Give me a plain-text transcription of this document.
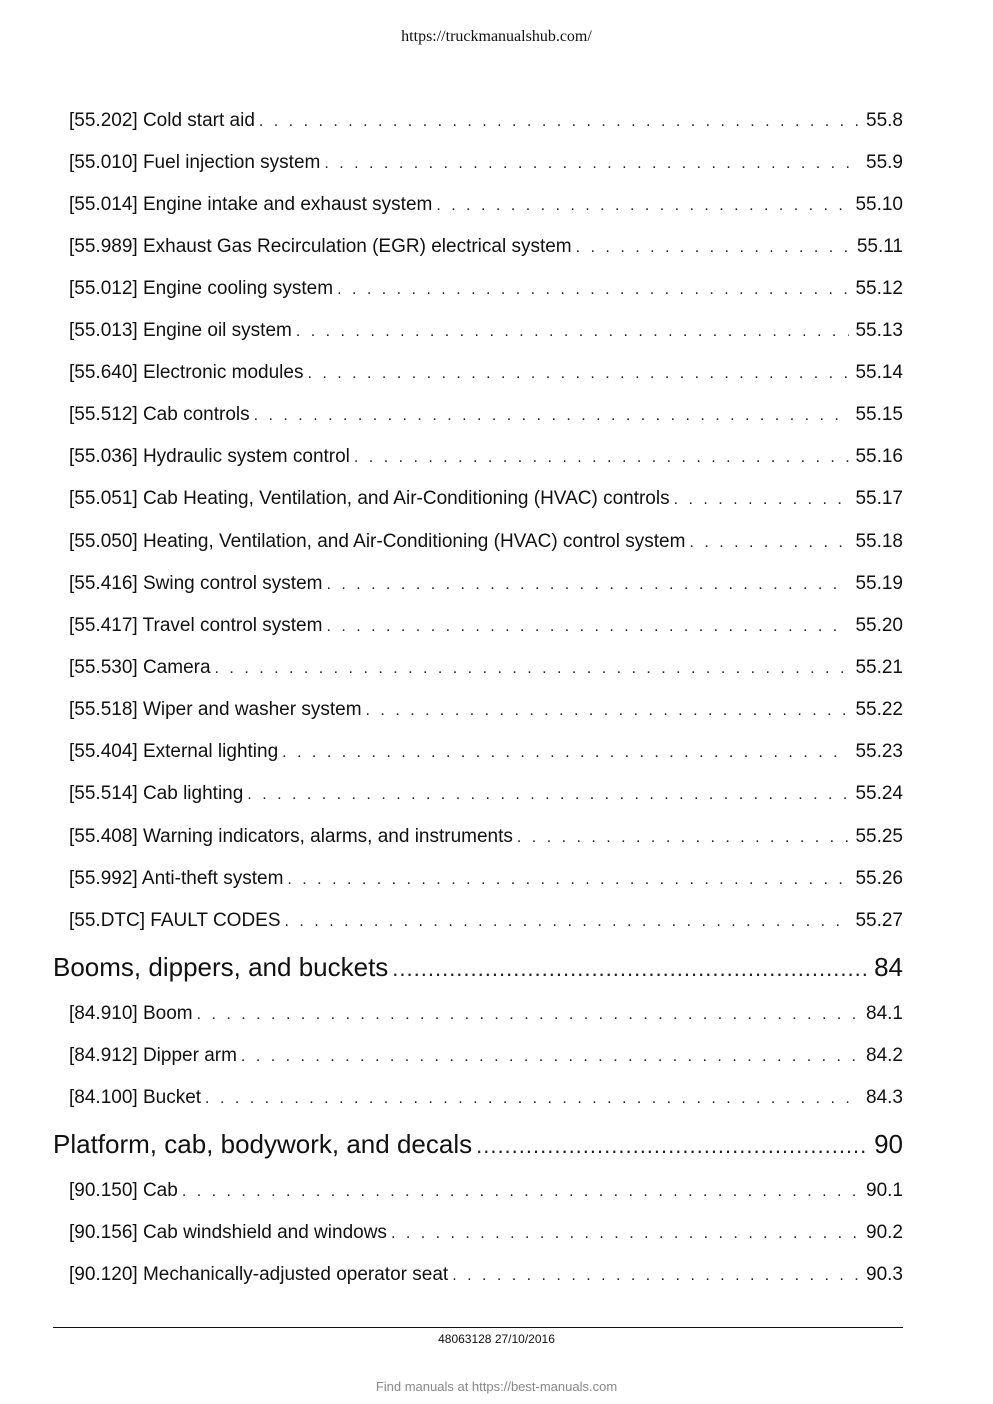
https://truckmanualshub.com/
[55.202] Cold start aid . . .	55.8
[55.010] Fuel injection system . . .	55.9
[55.014] Engine intake and exhaust system . . .	55.10
[55.989] Exhaust Gas Recirculation (EGR) electrical system . . .	55.11
[55.012] Engine cooling system . . .	55.12
[55.013] Engine oil system . . .	55.13
[55.640] Electronic modules . . .	55.14
[55.512] Cab controls . . .	55.15
[55.036] Hydraulic system control . . .	55.16
[55.051] Cab Heating, Ventilation, and Air-Conditioning (HVAC) controls . . .	55.17
[55.050] Heating, Ventilation, and Air-Conditioning (HVAC) control system . . .	55.18
[55.416] Swing control system . . .	55.19
[55.417] Travel control system . . .	55.20
[55.530] Camera . . .	55.21
[55.518] Wiper and washer system . . .	55.22
[55.404] External lighting . . .	55.23
[55.514] Cab lighting . . .	55.24
[55.408] Warning indicators, alarms, and instruments . . .	55.25
[55.992] Anti-theft system . . .	55.26
[55.DTC] FAULT CODES . . .	55.27
Booms, dippers, and buckets .....	84
[84.910] Boom . . .	84.1
[84.912] Dipper arm . . .	84.2
[84.100] Bucket . . .	84.3
Platform, cab, bodywork, and decals .....	90
[90.150] Cab . . .	90.1
[90.156] Cab windshield and windows . . .	90.2
[90.120] Mechanically-adjusted operator seat . . .	90.3
48063128 27/10/2016
Find manuals at https://best-manuals.com
